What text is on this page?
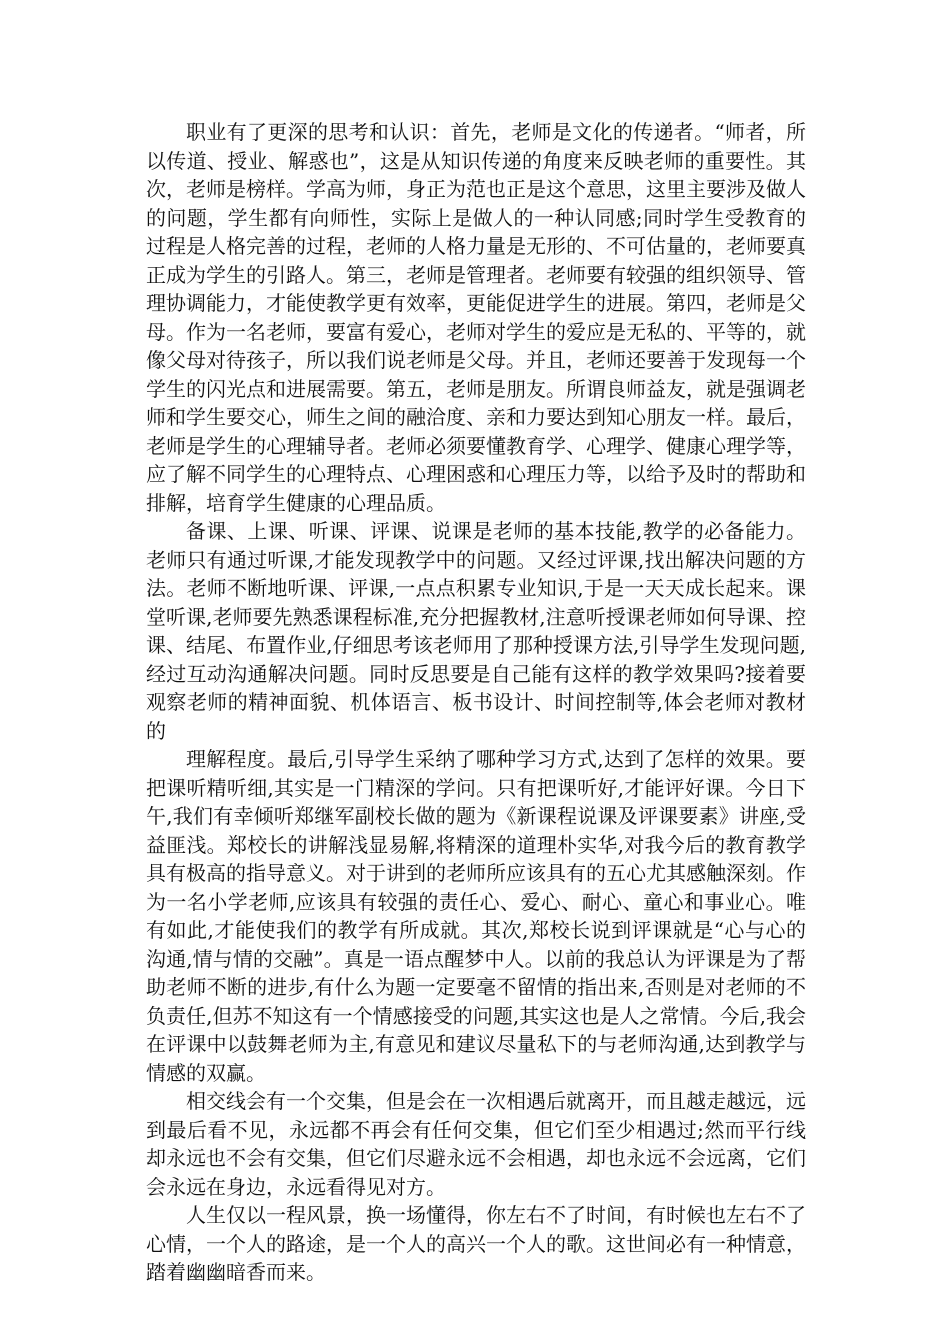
职业有了更深的思考和认识：首先，老师是文化的传递者。“师者，所以传道、授业、解惑也”，这是从知识传递的角度来反映老师的重要性。其次，老师是榜样。学高为师，身正为范也正是这个意思，这里主要涉及做人的问题，学生都有向师性，实际上是做人的一种认同感;同时学生受教育的过程是人格完善的过程，老师的人格力量是无形的、不可估量的，老师要真正成为学生的引路人。第三，老师是管理者。老师要有较强的组织领导、管理协调能力，才能使教学更有效率，更能促进学生的进展。第四，老师是父母。作为一名老师，要富有爱心，老师对学生的爱应是无私的、平等的，就像父母对待孩子，所以我们说老师是父母。并且，老师还要善于发现每一个学生的闪光点和进展需要。第五，老师是朋友。所谓良师益友，就是强调老师和学生要交心，师生之间的融洽度、亲和力要达到知心朋友一样。最后，老师是学生的心理辅导者。老师必须要懂教育学、心理学、健康心理学等，应了解不同学生的心理特点、心理困惑和心理压力等，以给予及时的帮助和排解，培育学生健康的心理品质。

备课、上课、听课、评课、说课是老师的基本技能,教学的必备能力。老师只有通过听课,才能发现教学中的问题。又经过评课,找出解决问题的方法。老师不断地听课、评课,一点点积累专业知识,于是一天天成长起来。课堂听课,老师要先熟悉课程标准,充分把握教材,注意听授课老师如何导课、控课、结尾、布置作业,仔细思考该老师用了那种授课方法,引导学生发现问题,经过互动沟通解决问题。同时反思要是自己能有这样的教学效果吗?接着要观察老师的精神面貌、机体语言、板书设计、时间控制等,体会老师对教材的

理解程度。最后,引导学生采纳了哪种学习方式,达到了怎样的效果。要把课听精听细,其实是一门精深的学问。只有把课听好,才能评好课。今日下午,我们有幸倾听郑继军副校长做的题为《新课程说课及评课要素》讲座,受益匪浅。郑校长的讲解浅显易解,将精深的道理朴实华,对我今后的教育教学具有极高的指导意义。对于讲到的老师所应该具有的五心尤其感触深刻。作为一名小学老师,应该具有较强的责任心、爱心、耐心、童心和事业心。唯有如此,才能使我们的教学有所成就。其次,郑校长说到评课就是“心与心的沟通,情与情的交融”。真是一语点醒梦中人。以前的我总认为评课是为了帮助老师不断的进步,有什么为题一定要毫不留情的指出来,否则是对老师的不负责任,但苏不知这有一个情感接受的问题,其实这也是人之常情。今后,我会在评课中以鼓舞老师为主,有意见和建议尽量私下的与老师沟通,达到教学与情感的双赢。

相交线会有一个交集，但是会在一次相遇后就离开，而且越走越远，远到最后看不见，永远都不再会有任何交集，但它们至少相遇过;然而平行线却永远也不会有交集，但它们尽避永远不会相遇，却也永远不会远离，它们会永远在身边，永远看得见对方。

人生仅以一程风景，换一场懂得，你左右不了时间，有时候也左右不了心情，一个人的路途，是一个人的高兴一个人的歌。这世间必有一种情意，踏着幽幽暗香而来。
